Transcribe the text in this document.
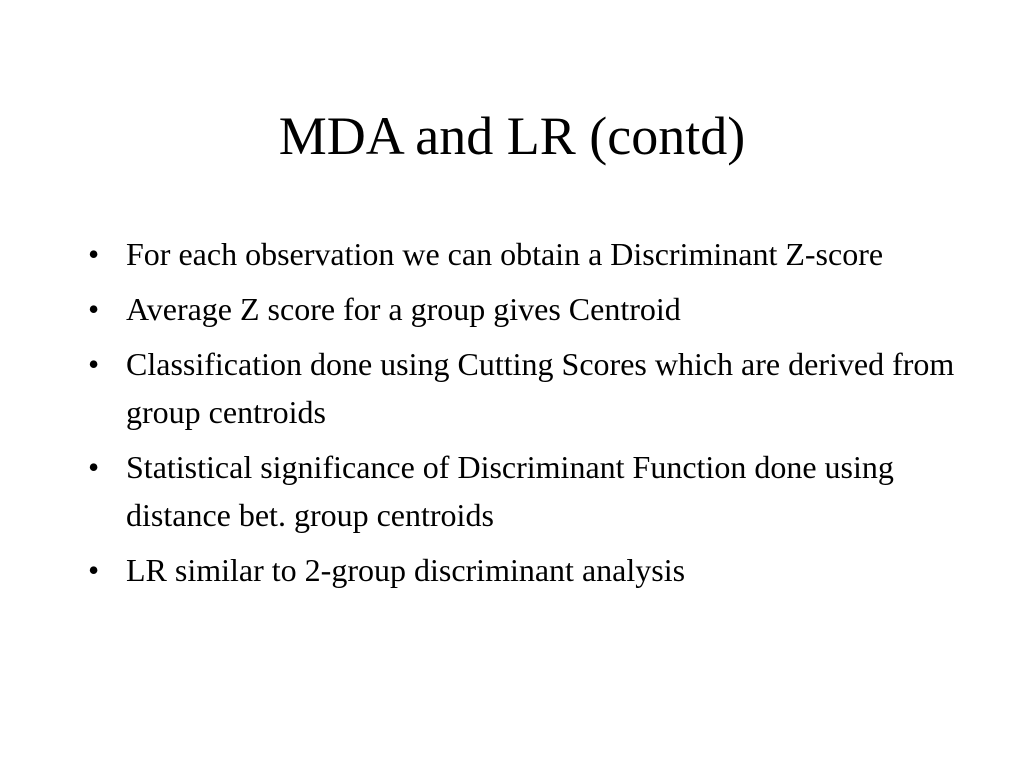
MDA and LR (contd)
• For each observation we can obtain a Discriminant Z-score
• Average Z score for a group gives Centroid
• Classification done using Cutting Scores which are derived from group centroids
• Statistical significance of Discriminant Function done using distance bet. group centroids
• LR similar to 2-group discriminant analysis
